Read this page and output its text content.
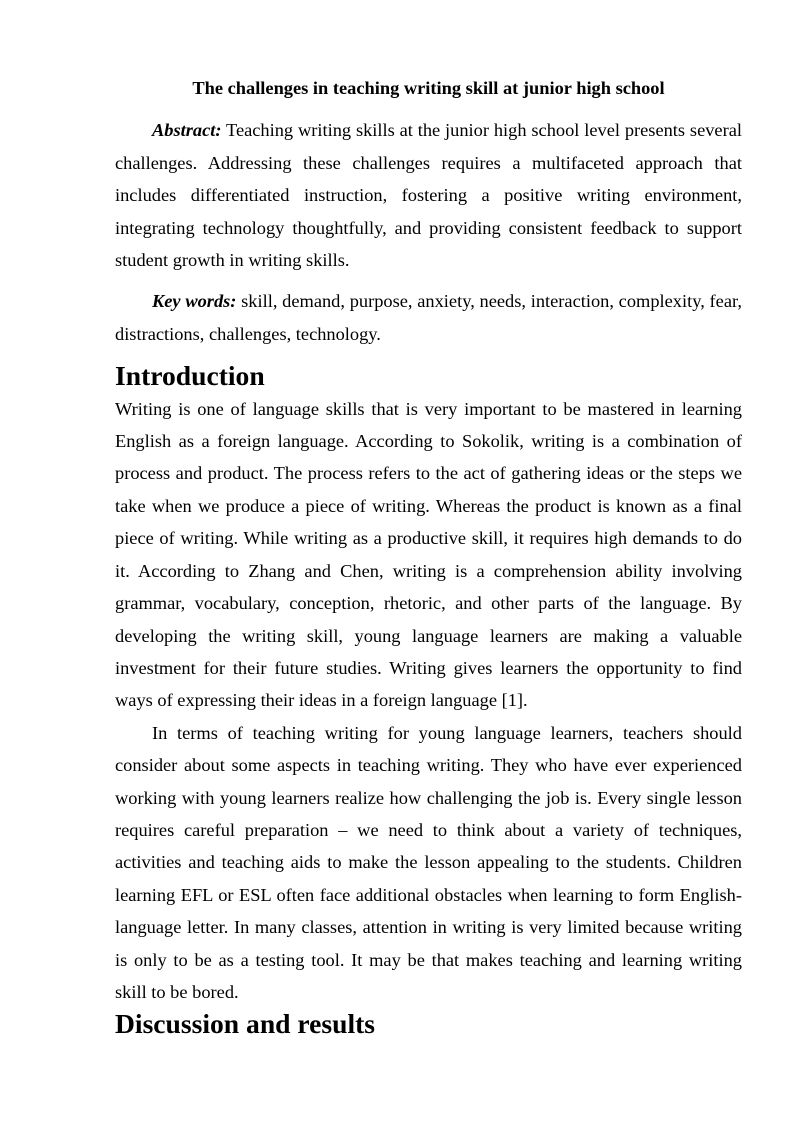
The challenges in teaching writing skill at junior high school

Abstract: Teaching writing skills at the junior high school level presents several challenges. Addressing these challenges requires a multifaceted approach that includes differentiated instruction, fostering a positive writing environment, integrating technology thoughtfully, and providing consistent feedback to support student growth in writing skills.

Key words: skill, demand, purpose, anxiety, needs, interaction, complexity, fear, distractions, challenges, technology.

Introduction

Writing is one of language skills that is very important to be mastered in learning English as a foreign language. According to Sokolik, writing is a combination of process and product. The process refers to the act of gathering ideas or the steps we take when we produce a piece of writing. Whereas the product is known as a final piece of writing. While writing as a productive skill, it requires high demands to do it. According to Zhang and Chen, writing is a comprehension ability involving grammar, vocabulary, conception, rhetoric, and other parts of the language. By developing the writing skill, young language learners are making a valuable investment for their future studies. Writing gives learners the opportunity to find ways of expressing their ideas in a foreign language [1].

In terms of teaching writing for young language learners, teachers should consider about some aspects in teaching writing. They who have ever experienced working with young learners realize how challenging the job is. Every single lesson requires careful preparation – we need to think about a variety of techniques, activities and teaching aids to make the lesson appealing to the students. Children learning EFL or ESL often face additional obstacles when learning to form English-language letter. In many classes, attention in writing is very limited because writing is only to be as a testing tool. It may be that makes teaching and learning writing skill to be bored.

Discussion and results
